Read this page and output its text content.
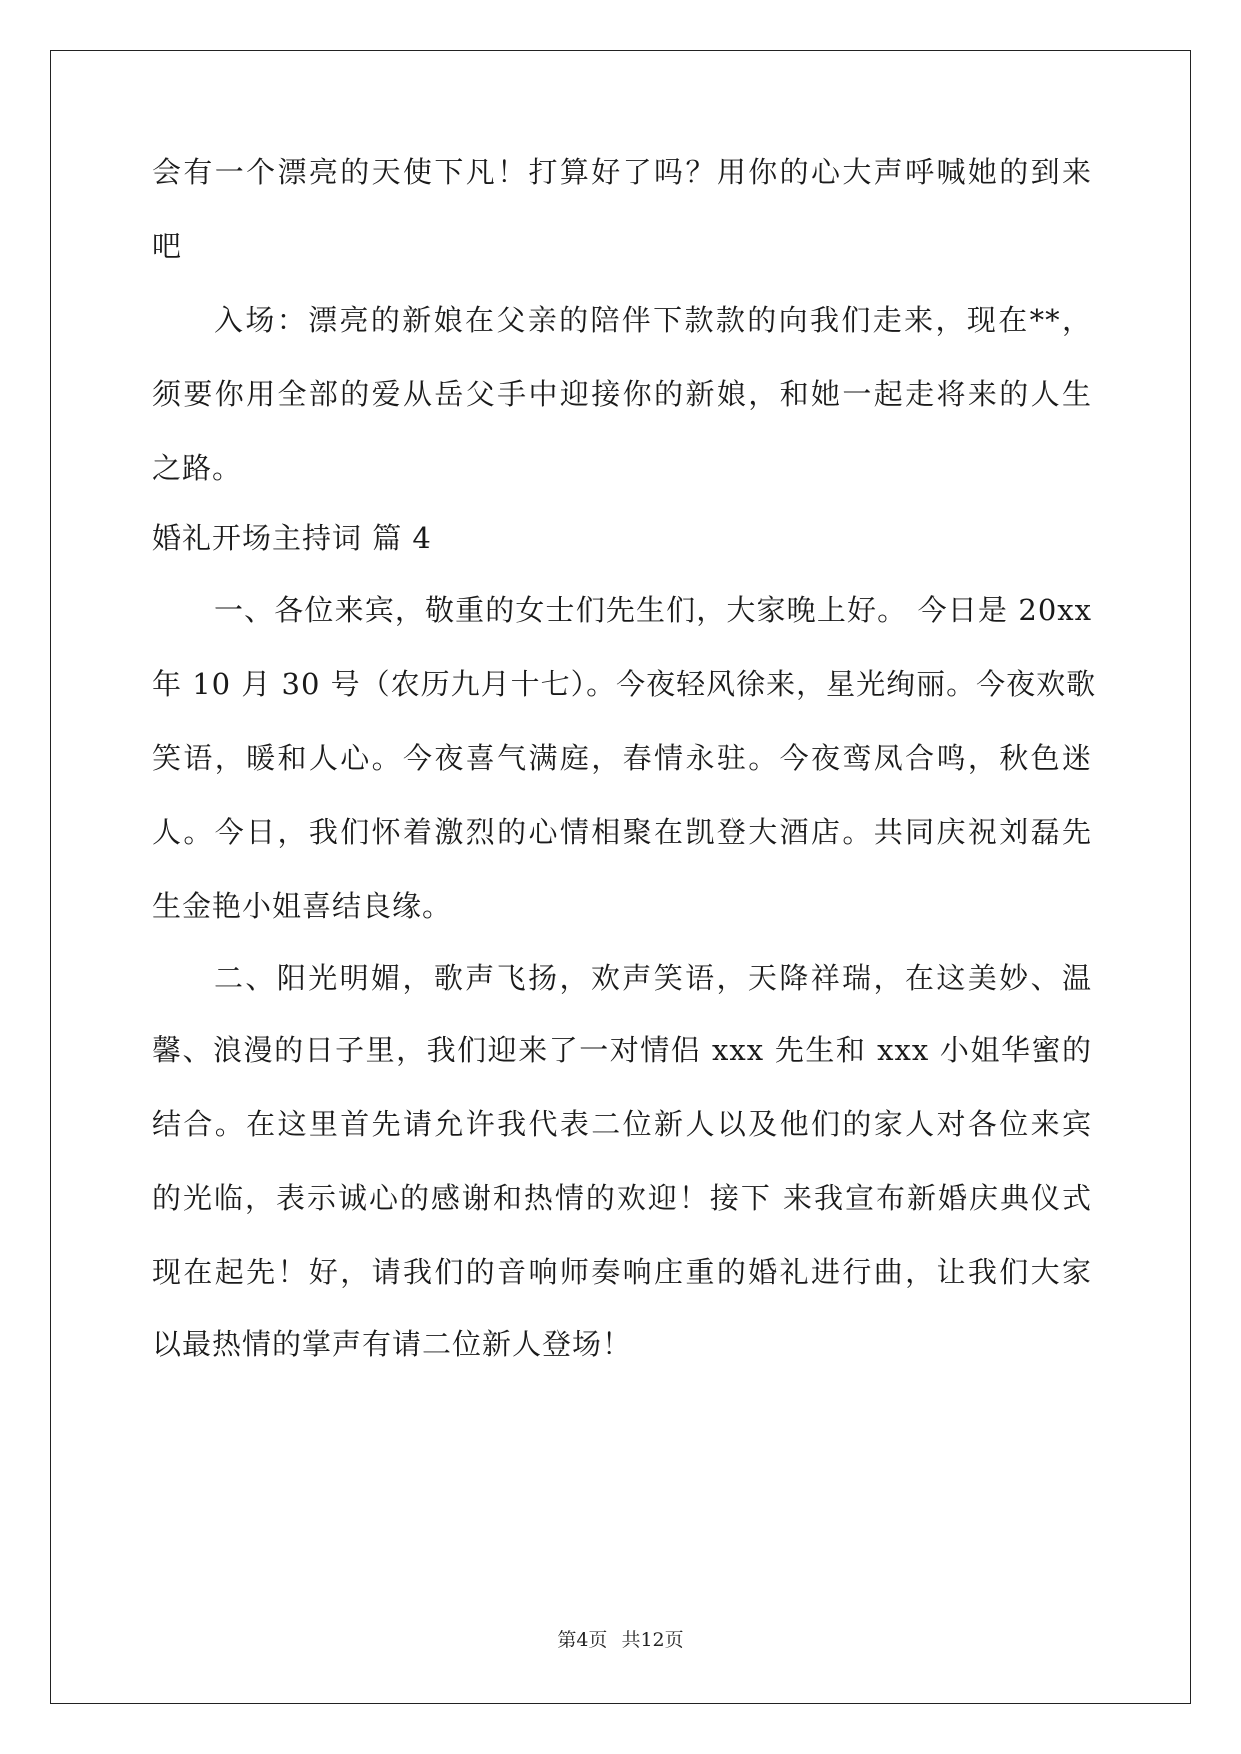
会有一个漂亮的天使下凡！打算好了吗？用你的心大声呼喊她的到来
吧
入场：漂亮的新娘在父亲的陪伴下款款的向我们走来，现在**，
须要你用全部的爱从岳父手中迎接你的新娘，和她一起走将来的人生
之路。
婚礼开场主持词 篇 4
一、各位来宾，敬重的女士们先生们，大家晚上好。 今日是 20xx
年 10 月 30 号（农历九月十七）。今夜轻风徐来，星光绚丽。今夜欢歌
笑语，暖和人心。今夜喜气满庭，春情永驻。今夜鸾凤合鸣，秋色迷
人。今日，我们怀着激烈的心情相聚在凯登大酒店。共同庆祝刘磊先
生金艳小姐喜结良缘。
二、阳光明媚，歌声飞扬，欢声笑语，天降祥瑞，在这美妙、温
馨、浪漫的日子里，我们迎来了一对情侣 xxx 先生和 xxx 小姐华蜜的
结合。在这里首先请允许我代表二位新人以及他们的家人对各位来宾
的光临，表示诚心的感谢和热情的欢迎！接下 来我宣布新婚庆典仪式
现在起先！好，请我们的音响师奏响庄重的婚礼进行曲，让我们大家
以最热情的掌声有请二位新人登场！
第4页 共12页
